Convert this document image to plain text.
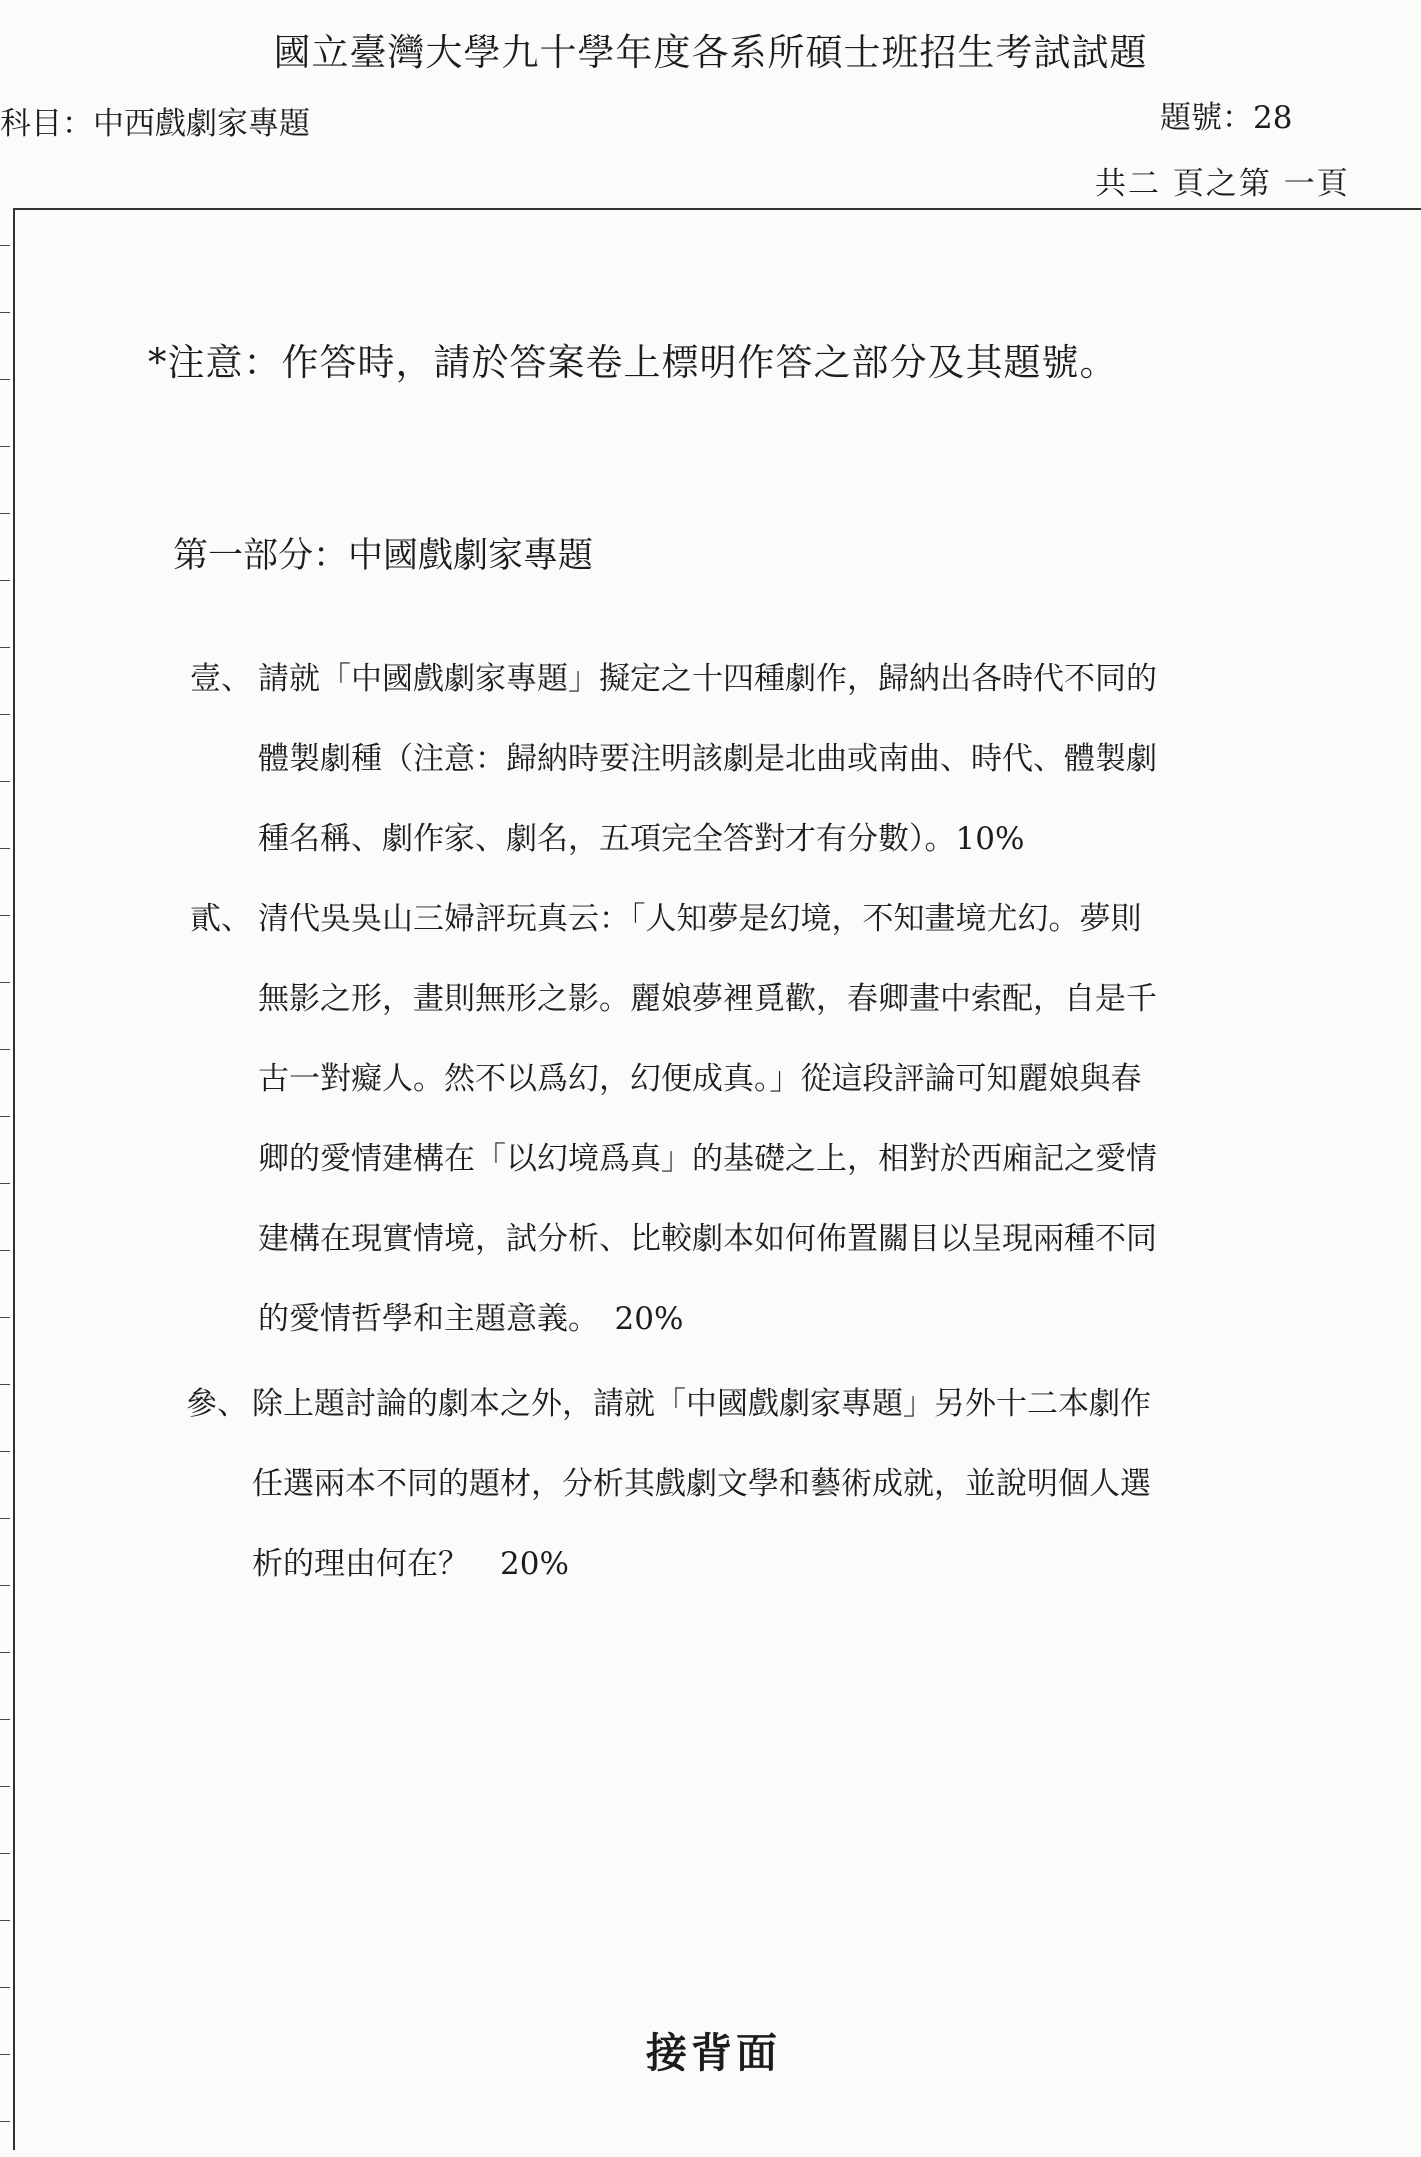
國立臺灣大學九十學年度各系所碩士班招生考試試題
科目：中西戲劇家專題	題號：28
共二 頁之第 一頁
*注意：作答時，請於答案卷上標明作答之部分及其題號。
第一部分：中國戲劇家專題
壹、 請就「中國戲劇家專題」擬定之十四種劇作，歸納出各時代不同的
體製劇種（注意：歸納時要注明該劇是北曲或南曲、時代、體製劇
種名稱、劇作家、劇名，五項完全答對才有分數）。10%
貳、 清代吳吳山三婦評玩真云：「人知夢是幻境，不知畫境尤幻。夢則
無影之形，畫則無形之影。麗娘夢裡覓歡，春卿畫中索配，自是千
古一對癡人。然不以爲幻，幻便成真。」從這段評論可知麗娘與春
卿的愛情建構在「以幻境爲真」的基礎之上，相對於西廂記之愛情
建構在現實情境，試分析、比較劇本如何佈置關目以呈現兩種不同
的愛情哲學和主題意義。　20%
參、 除上題討論的劇本之外，請就「中國戲劇家專題」另外十二本劇作
任選兩本不同的題材，分析其戲劇文學和藝術成就，並說明個人選
析的理由何在？　20%
接背面
